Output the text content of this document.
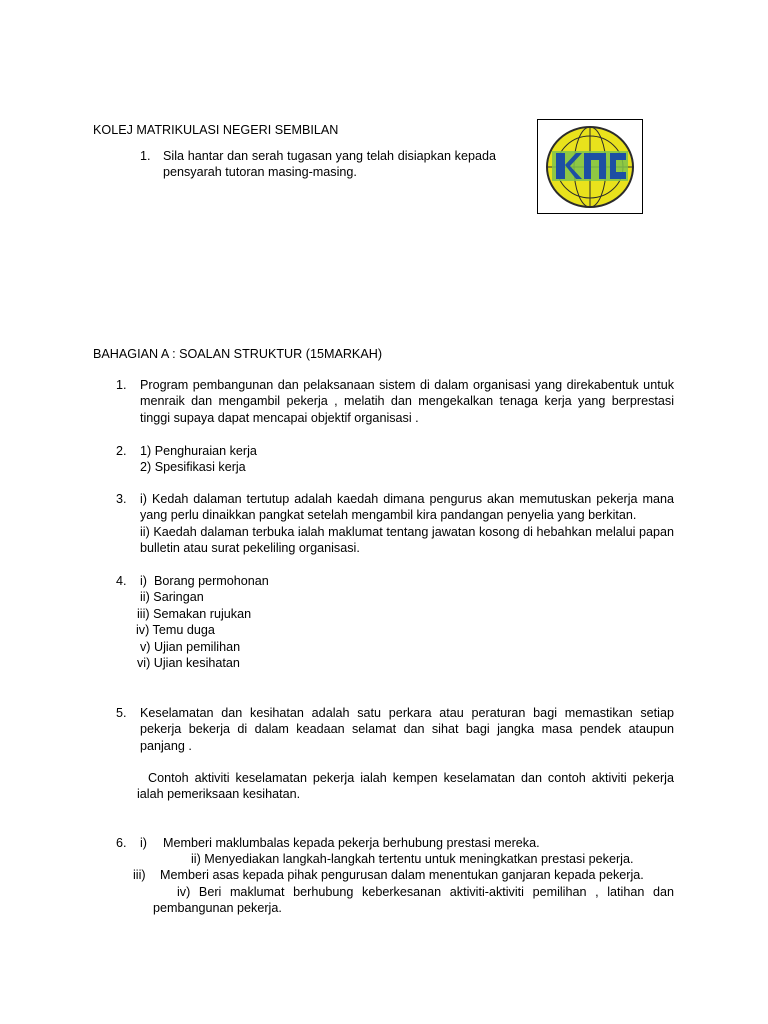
KOLEJ MATRIKULASI NEGERI SEMBILAN
1. Sila hantar dan serah tugasan yang telah disiapkan kepada pensyarah tutoran masing-masing.
BAHAGIAN A : SOALAN STRUKTUR (15MARKAH)
1. Program pembangunan dan pelaksanaan sistem di dalam organisasi yang direkabentuk untuk menraik dan mengambil pekerja , melatih dan mengekalkan tenaga kerja yang berprestasi tinggi supaya dapat mencapai objektif organisasi .
2. 1) Penghuraian kerja
2) Spesifikasi kerja
3. i) Kedah dalaman tertutup adalah kaedah dimana pengurus akan memutuskan pekerja mana yang perlu dinaikkan pangkat setelah mengambil kira pandangan penyelia yang berkitan.
ii) Kaedah dalaman terbuka ialah maklumat tentang jawatan kosong di hebahkan melalui papan bulletin atau surat pekeliling organisasi.
4. i)  Borang permohonan
ii) Saringan
iii) Semakan rujukan
iv) Temu duga
v) Ujian pemilihan
vi) Ujian kesihatan
5. Keselamatan dan kesihatan adalah satu perkara atau peraturan bagi memastikan setiap pekerja bekerja di dalam keadaan selamat dan sihat bagi jangka masa pendek ataupun panjang .
Contoh aktiviti keselamatan pekerja ialah kempen keselamatan dan contoh aktiviti pekerja ialah pemeriksaan kesihatan.
6. i) Memberi maklumbalas kepada pekerja berhubung prestasi mereka.
ii) Menyediakan langkah-langkah tertentu untuk meningkatkan prestasi pekerja.
iii) Memberi asas kepada pihak pengurusan dalam menentukan ganjaran kepada pekerja.
iv) Beri maklumat berhubung keberkesanan aktiviti-aktiviti pemilihan , latihan dan pembangunan pekerja.
